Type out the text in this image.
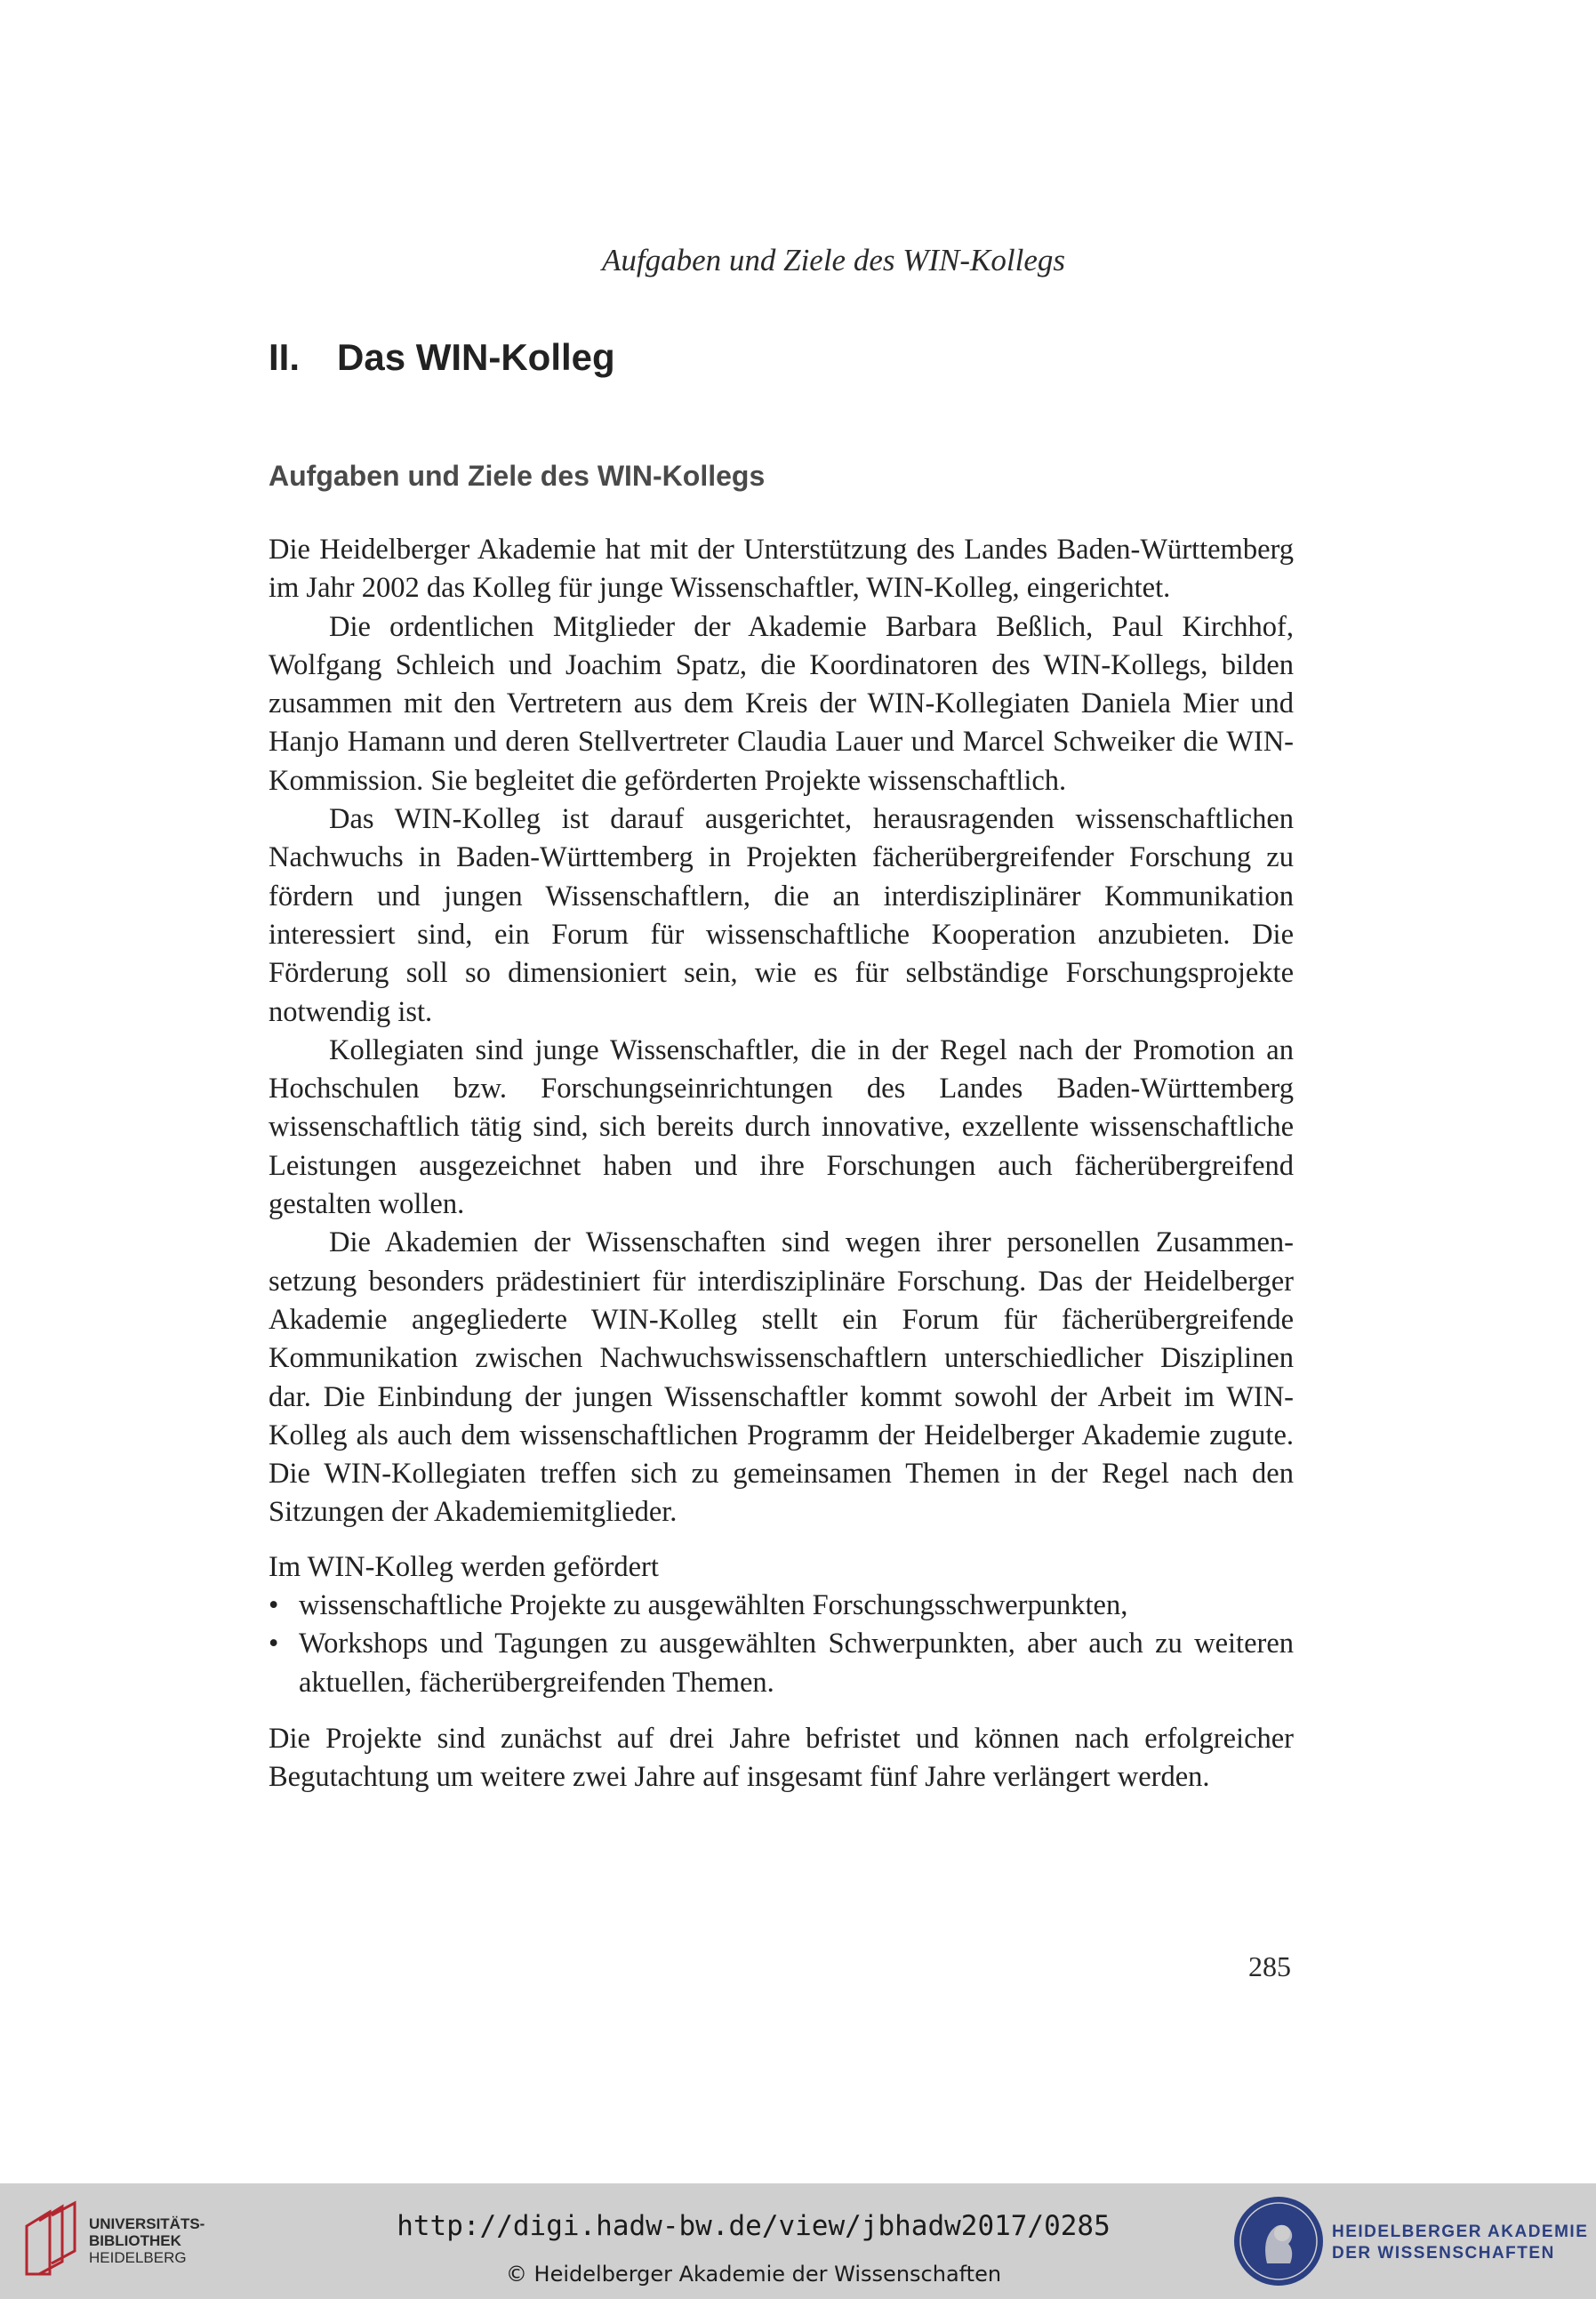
Aufgaben und Ziele des WIN-Kollegs
II. Das WIN-Kolleg
Aufgaben und Ziele des WIN-Kollegs

Die Heidelberger Akademie hat mit der Unterstützung des Landes Baden-Württemberg im Jahr 2002 das Kolleg für junge Wissenschaftler, WIN-Kolleg, eingerichtet.

Die ordentlichen Mitglieder der Akademie Barbara Beßlich, Paul Kirchhof, Wolfgang Schleich und Joachim Spatz, die Koordinatoren des WIN-Kollegs, bilden zusammen mit den Vertretern aus dem Kreis der WIN-Kollegiaten Daniela Mier und Hanjo Hamann und deren Stellvertreter Claudia Lauer und Marcel Schweiker die WIN-Kommission. Sie begleitet die geförderten Projekte wissenschaftlich.

Das WIN-Kolleg ist darauf ausgerichtet, herausragenden wissenschaftlichen Nachwuchs in Baden-Württemberg in Projekten fächerübergreifender Forschung zu fördern und jungen Wissenschaftlern, die an interdisziplinärer Kommunikation interessiert sind, ein Forum für wissenschaftliche Kooperation anzubieten. Die Förderung soll so dimensioniert sein, wie es für selbständige Forschungsprojekte notwendig ist.

Kollegiaten sind junge Wissenschaftler, die in der Regel nach der Promotion an Hochschulen bzw. Forschungseinrichtungen des Landes Baden-Württemberg wissenschaftlich tätig sind, sich bereits durch innovative, exzellente wissenschaftliche Leistungen ausgezeichnet haben und ihre Forschungen auch fächerübergreifend gestalten wollen.

Die Akademien der Wissenschaften sind wegen ihrer personellen Zusammensetzung besonders prädestiniert für interdisziplinäre Forschung. Das der Heidelberger Akademie angegliederte WIN-Kolleg stellt ein Forum für fächerübergreifende Kommunikation zwischen Nachwuchswissenschaftlern unterschiedlicher Disziplinen dar. Die Einbindung der jungen Wissenschaftler kommt sowohl der Arbeit im WIN-Kolleg als auch dem wissenschaftlichen Programm der Heidelberger Akademie zugute. Die WIN-Kollegiaten treffen sich zu gemeinsamen Themen in der Regel nach den Sitzungen der Akademiemitglieder.

Im WIN-Kolleg werden gefördert

• wissenschaftliche Projekte zu ausgewählten Forschungsschwerpunkten,
• Workshops und Tagungen zu ausgewählten Schwerpunkten, aber auch zu weiteren aktuellen, fächerübergreifenden Themen.

Die Projekte sind zunächst auf drei Jahre befristet und können nach erfolgreicher Begutachtung um weitere zwei Jahre auf insgesamt fünf Jahre verlängert werden.

285
UNIVERSITÄTS-
BIBLIOTHEK
HEIDELBERG
http://digi.hadw-bw.de/view/jbhadw2017/0285
© Heidelberger Akademie der Wissenschaften
HEIDELBERGER AKADEMIE
DER WISSENSCHAFTEN
